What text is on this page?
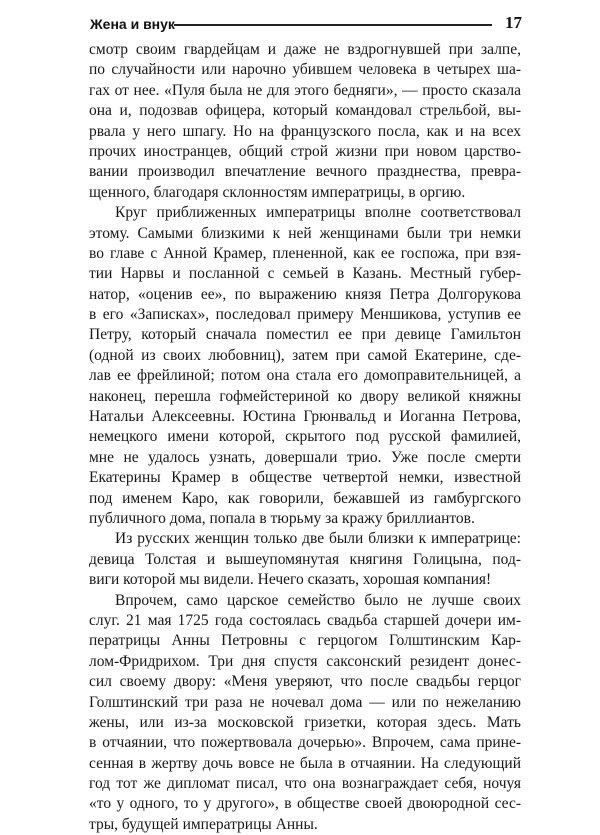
Жена и внук	17
смотр своим гвардейцам и даже не вздрогнувшей при залпе,
по случайности или нарочно убившем человека в четырех ша-
гах от нее. «Пуля была не для этого бедняги», — просто сказала
она и, подозвав офицера, который командовал стрельбой, вы-
рвала у него шпагу. Но на французского посла, как и на всех
прочих иностранцев, общий строй жизни при новом царство-
вании производил впечатление вечного празднества, превра-
щенного, благодаря склонностям императрицы, в оргию.
Круг приближенных императрицы вполне соответствовал
этому. Самыми близкими к ней женщинами были три немки
во главе с Анной Крамер, плененной, как ее госпожа, при взя-
тии Нарвы и посланной с семьей в Казань. Местный губер-
натор, «оценив ее», по выражению князя Петра Долгорукова
в его «Записках», последовал примеру Меншикова, уступив ее
Петру, который сначала поместил ее при девице Гамильтон
(одной из своих любовниц), затем при самой Екатерине, сде-
лав ее фрейлиной; потом она стала его домоправительницей, а
наконец, перешла гофмейстериной ко двору великой княжны
Натальи Алексеевны. Юстина Грюнвальд и Иоганна Петрова,
немецкого имени которой, скрытого под русской фамилией,
мне не удалось узнать, довершали трио. Уже после смерти
Екатерины Крамер в обществе четвертой немки, известной
под именем Каро, как говорили, бежавшей из гамбургского
публичного дома, попала в тюрьму за кражу бриллиантов.
Из русских женщин только две были близки к императрице:
девица Толстая и вышеупомянутая княгиня Голицына, под-
виги которой мы видели. Нечего сказать, хорошая компания!
Впрочем, само царское семейство было не лучше своих
слуг. 21 мая 1725 года состоялась свадьба старшей дочери им-
ператрицы Анны Петровны с герцогом Голштинским Кар-
лом-Фридрихом. Три дня спустя саксонский резидент донес-
сил своему двору: «Меня уверяют, что после свадьбы герцог
Голштинский три раза не ночевал дома — или по нежеланию
жены, или из-за московской гризетки, которая здесь. Мать
в отчаянии, что пожертвовала дочерью». Впрочем, сама прине-
сенная в жертву дочь вовсе не была в отчаянии. На следующий
год тот же дипломат писал, что она вознаграждает себя, ночуя
«то у одного, то у другого», в обществе своей двоюродной сес-
тры, будущей императрицы Анны.
